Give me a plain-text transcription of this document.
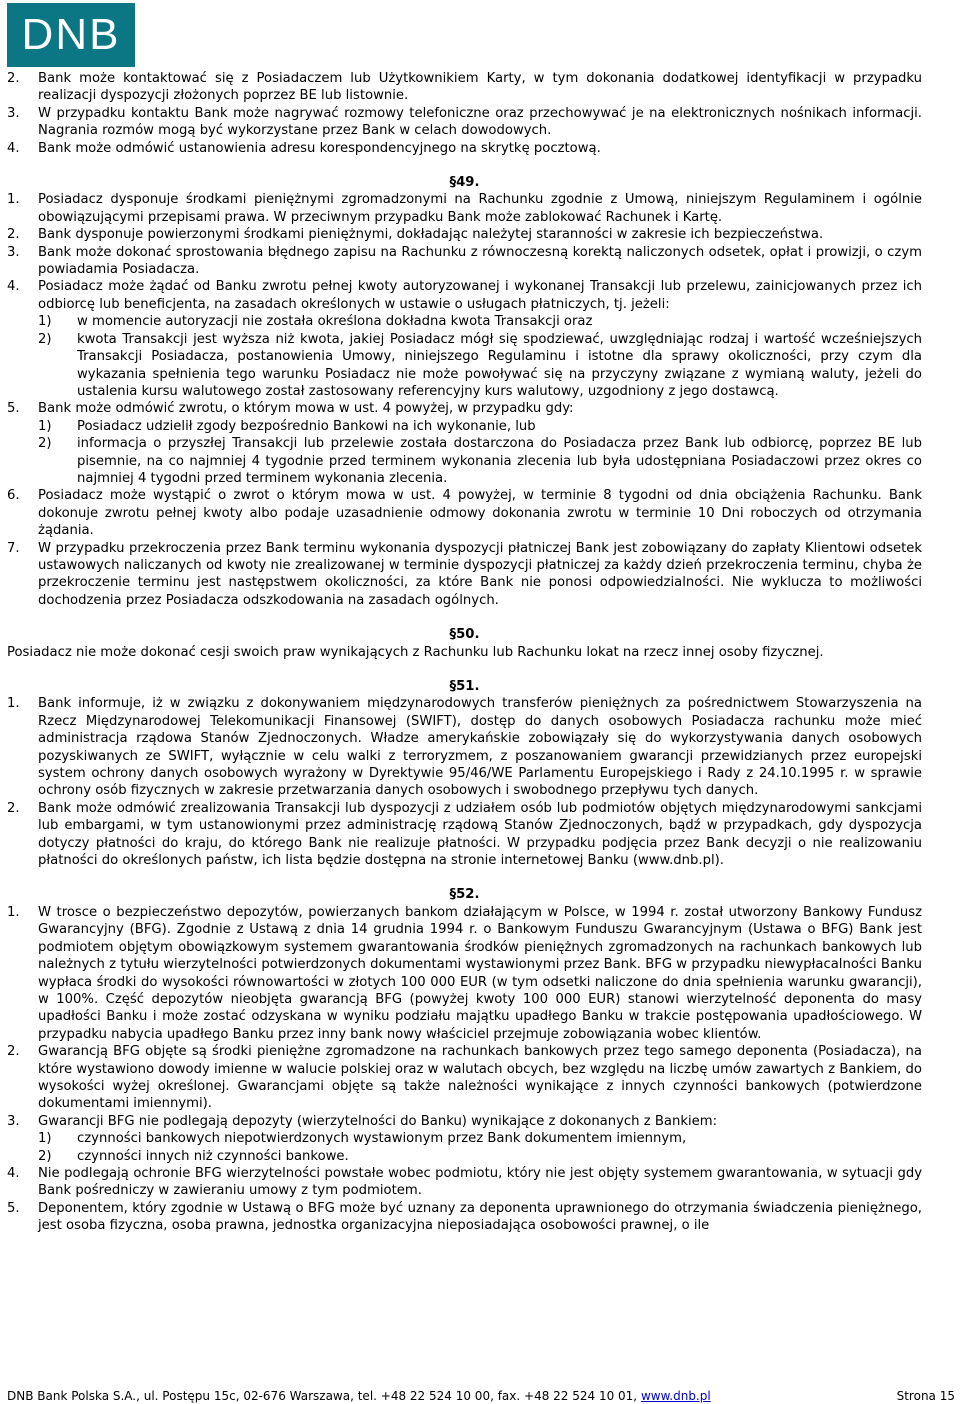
DNB
2.	Bank może kontaktować się z Posiadaczem lub Użytkownikiem Karty, w tym dokonania dodatkowej identyfikacji w przypadku realizacji dyspozycji złożonych poprzez BE lub listownie.
3.	W przypadku kontaktu Bank może nagrywać rozmowy telefoniczne oraz przechowywać je na elektronicznych nośnikach informacji. Nagrania rozmów mogą być wykorzystane przez Bank w celach dowodowych.
4.	Bank może odmówić ustanowienia adresu korespondencyjnego na skrytkę pocztową.
§49.
1.	Posiadacz dysponuje środkami pieniężnymi zgromadzonymi na Rachunku zgodnie z Umową, niniejszym Regulaminem i ogólnie obowiązującymi przepisami prawa. W przeciwnym przypadku Bank może zablokować Rachunek i Kartę.
2.	Bank dysponuje powierzonymi środkami pieniężnymi, dokładając należytej staranności w zakresie ich bezpieczeństwa.
3.	Bank może dokonać sprostowania błędnego zapisu na Rachunku z równoczesną korektą naliczonych odsetek, opłat i prowizji, o czym powiadamia Posiadacza.
4.	Posiadacz może żądać od Banku zwrotu pełnej kwoty autoryzowanej i wykonanej Transakcji lub przelewu, zainicjowanych przez ich odbiorcę lub beneficjenta, na zasadach określonych w ustawie o usługach płatniczych, tj. jeżeli:
1)	w momencie autoryzacji nie została określona dokładna kwota Transakcji oraz
2)	kwota Transakcji jest wyższa niż kwota, jakiej Posiadacz mógł się spodziewać, uwzględniając rodzaj i wartość wcześniejszych Transakcji Posiadacza, postanowienia Umowy, niniejszego Regulaminu i istotne dla sprawy okoliczności, przy czym dla wykazania spełnienia tego warunku Posiadacz nie może powoływać się na przyczyny związane z wymianą waluty, jeżeli do ustalenia kursu walutowego został zastosowany referencyjny kurs walutowy, uzgodniony z jego dostawcą.
5.	Bank może odmówić zwrotu, o którym mowa w ust. 4 powyżej, w przypadku gdy:
1)	Posiadacz udzielił zgody bezpośrednio Bankowi na ich wykonanie, lub
2)	informacja o przyszłej Transakcji lub przelewie została dostarczona do Posiadacza przez Bank lub odbiorcę, poprzez BE lub pisemnie, na co najmniej 4 tygodnie przed terminem wykonania zlecenia lub była udostępniana Posiadaczowi przez okres co najmniej 4 tygodni przed terminem wykonania zlecenia.
6.	Posiadacz może wystąpić o zwrot o którym mowa w ust. 4 powyżej, w terminie 8 tygodni od dnia obciążenia Rachunku. Bank dokonuje zwrotu pełnej kwoty albo podaje uzasadnienie odmowy dokonania zwrotu w terminie 10 Dni roboczych od otrzymania żądania.
7.	W przypadku przekroczenia przez Bank terminu wykonania dyspozycji płatniczej Bank jest zobowiązany do zapłaty Klientowi odsetek ustawowych naliczanych od kwoty nie zrealizowanej w terminie dyspozycji płatniczej za każdy dzień przekroczenia terminu, chyba że przekroczenie terminu jest następstwem okoliczności, za które Bank nie ponosi odpowiedzialności. Nie wyklucza to możliwości dochodzenia przez Posiadacza odszkodowania na zasadach ogólnych.
§50.

Posiadacz nie może dokonać cesji swoich praw wynikających z Rachunku lub Rachunku lokat na rzecz innej osoby fizycznej.

§51.
1.	Bank informuje, iż w związku z dokonywaniem międzynarodowych transferów pieniężnych za pośrednictwem Stowarzyszenia na Rzecz Międzynarodowej Telekomunikacji Finansowej (SWIFT), dostęp do danych osobowych Posiadacza rachunku może mieć administracja rządowa Stanów Zjednoczonych. Władze amerykańskie zobowiązały się do wykorzystywania danych osobowych pozyskiwanych ze SWIFT, wyłącznie w celu walki z terroryzmem, z poszanowaniem gwarancji przewidzianych przez europejski system ochrony danych osobowych wyrażony w Dyrektywie 95/46/WE Parlamentu Europejskiego i Rady z 24.10.1995 r. w sprawie ochrony osób fizycznych w zakresie przetwarzania danych osobowych i swobodnego przepływu tych danych.
2.	Bank może odmówić zrealizowania Transakcji lub dyspozycji z udziałem osób lub podmiotów objętych międzynarodowymi sankcjami lub embargami, w tym ustanowionymi przez administrację rządową Stanów Zjednoczonych, bądź w przypadkach, gdy dyspozycja dotyczy płatności do kraju, do którego Bank nie realizuje płatności. W przypadku podjęcia przez Bank decyzji o nie realizowaniu płatności do określonych państw, ich lista będzie dostępna na stronie internetowej Banku (www.dnb.pl).
§52.
1.	W trosce o bezpieczeństwo depozytów, powierzanych bankom działającym w Polsce, w 1994 r. został utworzony Bankowy Fundusz Gwarancyjny (BFG). Zgodnie z Ustawą z dnia 14 grudnia 1994 r. o Bankowym Funduszu Gwarancyjnym (Ustawa o BFG) Bank jest podmiotem objętym obowiązkowym systemem gwarantowania środków pieniężnych zgromadzonych na rachunkach bankowych lub należnych z tytułu wierzytelności potwierdzonych dokumentami wystawionymi przez Bank. BFG w przypadku niewypłacalności Banku wypłaca środki do wysokości równowartości w złotych 100 000 EUR (w tym odsetki naliczone do dnia spełnienia warunku gwarancji), w 100%. Część depozytów nieobjęta gwarancją BFG (powyżej kwoty 100 000 EUR) stanowi wierzytelność deponenta do masy upadłości Banku i może zostać odzyskana w wyniku podziału majątku upadłego Banku w trakcie postępowania upadłościowego. W przypadku nabycia upadłego Banku przez inny bank nowy właściciel przejmuje zobowiązania wobec klientów.
2.	Gwarancją BFG objęte są środki pieniężne zgromadzone na rachunkach bankowych przez tego samego deponenta (Posiadacza), na które wystawiono dowody imienne w walucie polskiej oraz w walutach obcych, bez względu na liczbę umów zawartych z Bankiem, do wysokości wyżej określonej. Gwarancjami objęte są także należności wynikające z innych czynności bankowych (potwierdzone dokumentami imiennymi).
3.	Gwarancji BFG nie podlegają depozyty (wierzytelności do Banku) wynikające z dokonanych z Bankiem:
1)	czynności bankowych niepotwierdzonych wystawionym przez Bank dokumentem imiennym,
2)	czynności innych niż czynności bankowe.
4.	Nie podlegają ochronie BFG wierzytelności powstałe wobec podmiotu, który nie jest objęty systemem gwarantowania, w sytuacji gdy Bank pośredniczy w zawieraniu umowy z tym podmiotem.
5.	Deponentem, który zgodnie w Ustawą o BFG może być uznany za deponenta uprawnionego do otrzymania świadczenia pieniężnego, jest osoba fizyczna, osoba prawna, jednostka organizacyjna nieposiadająca osobowości prawnej, o ile
DNB Bank Polska S.A., ul. Postępu 15c, 02-676 Warszawa, tel. +48 22 524 10 00, fax. +48 22 524 10 01, www.dnb.pl	Strona 15
